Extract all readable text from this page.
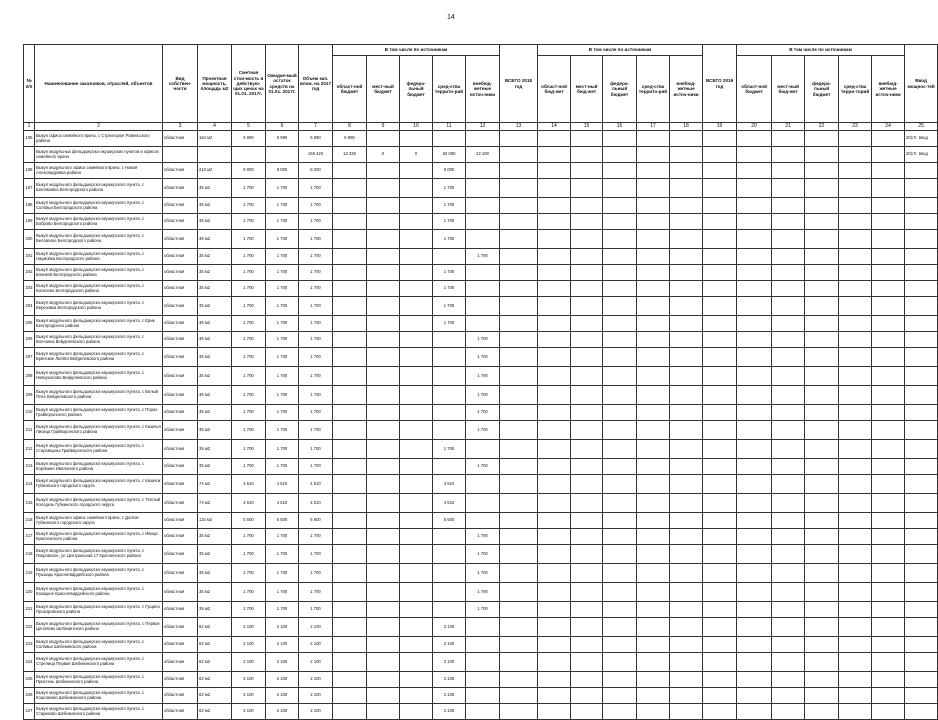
14
№ п/п	Наименование заказчиков, отраслей, объектов	Вид собствен-ности	Проектная мощность, площадь м2	Сметная стои-мость в действую-щих ценах на 01.01. 2017г.	Ожидае-мый остаток средств на 01.01. 2017г.	Объем кап. влож. на 2017 год	В том числе по источникам					ВСЕГО 2018 год	В том числе по источникам					ВСЕГО 2019 год	В том числе по источникам					Ввод мощнос-тей
							област-ной бюджет	мест-ный бюджет	федера-льный бюджет	сред-ства террито-рий	внебюд-жетные источ-ники		област-ной бюд-жет	мест-ный бюд-жет	федера-льный бюджет	сред-ства террито-рий	внебюд-жетные источ-ники		област-ной бюджет	мест-ный бюд-жет	федера-льный бюджет	сред-ства терри-торий	внебюд-жетные источ-ники	
1	2	3	4	5	6	7	8	9	10	11	12	13	14	15	16	17	18	19	20	21	22	23	24	25
195	Выкуп офиса семейного врача, с Стрелецкое Ровеньского района	областная	164 м2	6 990	6 990	6 990	6 990																	2017г. ввод
	Выкуп модульных фельдшерско-акушерских пунктов и офисов семейного врача					159 420	13 330	0	0	83 090	22 190													2017г. ввод
196	Выкуп модульного офиса семейного врача, с Новая Александровка района	областная	210 м2	8 000	8 000	8 000				8 000														
197	Выкуп модульного фельдшерско-акушерского пункта, с Шоломовка Белгородского района	областная	35 м2	1 700	1 700	1 700				1 700														
198	Выкуп модульного фельдшерско-акушерского пункта, с Соловьи Белгородского района	областная	35 м2	1 700	1 700	1 700				1 700														
199	Выкуп модульного фельдшерско-акушерского пункта, с Боброво Белгородского района	областная	35 м2	1 700	1 700	1 700				1 700														
200	Выкуп модульного фельдшерско-акушерского пункта, с Беловское Белгородского района	областная	35 м2	1 700	1 700	1 700				1 700														
201	Выкуп модульного фельдшерско-акушерского пункта, с Наумовка Белгородского района	областная	35 м2	1 700	1 700	1 700					1 700													
202	Выкуп модульного фельдшерско-акушерского пункта, с Блинков Белгородского района	областная	35 м2	1 700	1 700	1 700				1 700														
203	Выкуп модульного фельдшерско-акушерского пункта, с Киселево Белгородского района	областная	35 м2	1 700	1 700	1 700				1 700														
204	Выкуп модульного фельдшерско-акушерского пункта, с Березовка Белгородского района	областная	35 м2	1 700	1 700	1 700				1 700														
205	Выкуп модульного фельдшерско-акушерского пункта, с Ерик Белгородского района	областная	35 м2	1 700	1 700	1 700				1 700														
206	Выкуп модульного фельдшерско-акушерского пункта, с Волчанка Вейделевского района	областная	35 м2	1 700	1 700	1 700					1 700													
207	Выкуп модульного фельдшерско-акушерского пункта, с Брянские Липяги Вейделевского района	областная	35 м2	1 700	1 700	1 700					1 700													
208	Выкуп модульного фельдшерско-акушерского пункта, с Новоуколово Вейделевского района	областная	35 м2	1 700	1 700	1 700					1 700													
209	Выкуп модульного фельдшерско-акушерского пункта, с Белый Плес Вейделевского района	областная	35 м2	1 700	1 700	1 700					1 700													
210	Выкуп модульного фельдшерско-акушерского пункта, с Порох Грайворонского района	областная	35 м2	1 700	1 700	1 700					1 700													
211	Выкуп модульного фельдшерско-акушерского пункта, с Казачья Лисица Грайворонского района	областная	35 м2	1 700	1 700	1 700					1 700													
212	Выкуп модульного фельдшерско-акушерского пункта, с Старовщина Грайворонского района	областная	35 м2	1 700	1 700	1 700				1 700														
213	Выкуп модульного фельдшерско-акушерского пункта, с Коровино Ивнянского района	областная	35 м2	1 700	1 700	1 700					1 700													
214	Выкуп модульного фельдшерско-акушерского пункта, с Казачок Губкинского городского округа	областная	74 м2	4 510	4 510	4 510				4 510														
215	Выкуп модульного фельдшерско-акушерского пункта, с Теплый Колодезь Губкинского городского округа	областная	74 м2	4 510	4 510	4 510				4 510														
216	Выкуп модульного офиса семейного врача, с Долгое Губкинского городского округа	областная	115 м2	5 500	5 500	5 500				5 500														
217	Выкуп модульного фельдшерско-акушерского пункта, с Ивица Красненского района	областная	35 м2	1 700	1 700	1 700					1 700													
218	Выкуп модульного фельдшерско-акушерского пункта, с Покровское, ул Центральная,17 Красненского района	областная	35 м2	1 700	1 700	1 700					1 700													
219	Выкуп модульного фельдшерско-акушерского пункта, с Пушкарь Красногвардейского района	областная	35 м2	1 700	1 700	1 700					1 700													
220	Выкуп модульного фельдшерско-акушерского пункта, с Казацкое Красногвардейского района	областная	35 м2	1 700	1 700	1 700					1 700													
221	Выкуп модульного фельдшерско-акушерского пункта, с Гущино Прохоровского района	областная	35 м2	1 700	1 700	1 700					1 700													
222	Выкуп модульного фельдшерско-акушерского пункта, с Первое Цепляево Шебекинского района	областная	62 м2	2 100	2 100	2 100				2 100														
223	Выкуп модульного фельдшерско-акушерского пункта, с Соловьи Шебекинского района	областная	62 м2	2 100	2 100	2 100				2 100														
224	Выкуп модульного фельдшерско-акушерского пункта, с Стрелица Первая Шебекинского района	областная	62 м2	2 100	2 100	2 100				2 100														
225	Выкуп модульного фельдшерско-акушерского пункта, с Пристень Шебекинского района	областная	62 м2	2 100	2 100	2 100				2 100														
226	Выкуп модульного фельдшерско-акушерского пункта, с Кошлаково Шебекинского района	областная	62 м2	2 100	2 100	2 100				2 100														
227	Выкуп модульного фельдшерско-акушерского пункта, с Стариково Шебекинского района	областная	62 м2	2 100	2 100	2 100				2 100														
